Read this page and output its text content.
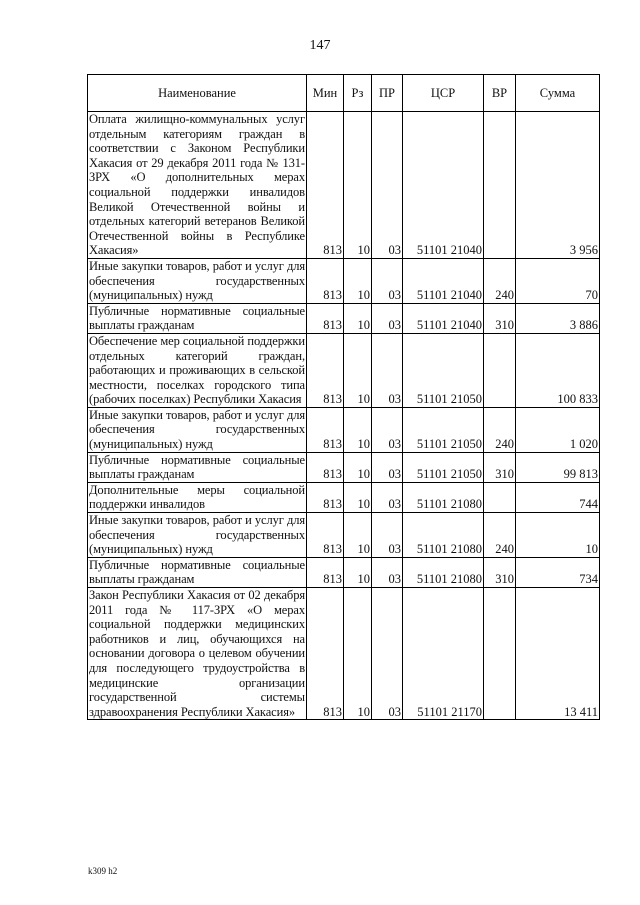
147
Наименование	Мин	Рз	ПР	ЦСР	ВР	Сумма
Оплата жилищно-коммунальных услуг отдельным категориям граждан в соответствии с Законом Республики Хакасия от 29 декабря 2011 года № 131-ЗРХ «О дополнительных мерах социальной поддержки инвалидов Великой Отечественной войны и отдельных категорий ветеранов Великой Отечественной войны в Республике Хакасия»	813	10	03	51101 21040		3 956
Иные закупки товаров, работ и услуг для обеспечения государственных (муниципальных) нужд	813	10	03	51101 21040	240	70
Публичные нормативные социальные выплаты гражданам	813	10	03	51101 21040	310	3 886
Обеспечение мер социальной поддержки отдельных категорий граждан, работающих и проживающих в сельской местности, поселках городского типа (рабочих поселках) Республики Хакасия	813	10	03	51101 21050		100 833
Иные закупки товаров, работ и услуг для обеспечения государственных (муниципальных) нужд	813	10	03	51101 21050	240	1 020
Публичные нормативные социальные выплаты гражданам	813	10	03	51101 21050	310	99 813
Дополнительные меры социальной поддержки инвалидов	813	10	03	51101 21080		744
Иные закупки товаров, работ и услуг для обеспечения государственных (муниципальных) нужд	813	10	03	51101 21080	240	10
Публичные нормативные социальные выплаты гражданам	813	10	03	51101 21080	310	734
Закон Республики Хакасия от 02 декабря 2011 года № 117-ЗРХ «О мерах социальной поддержки медицинских работников и лиц, обучающихся на основании договора о целевом обучении для последующего трудоустройства в медицинские организации государственной системы здравоохранения Республики Хакасия»	813	10	03	51101 21170		13 411
k309 h2
